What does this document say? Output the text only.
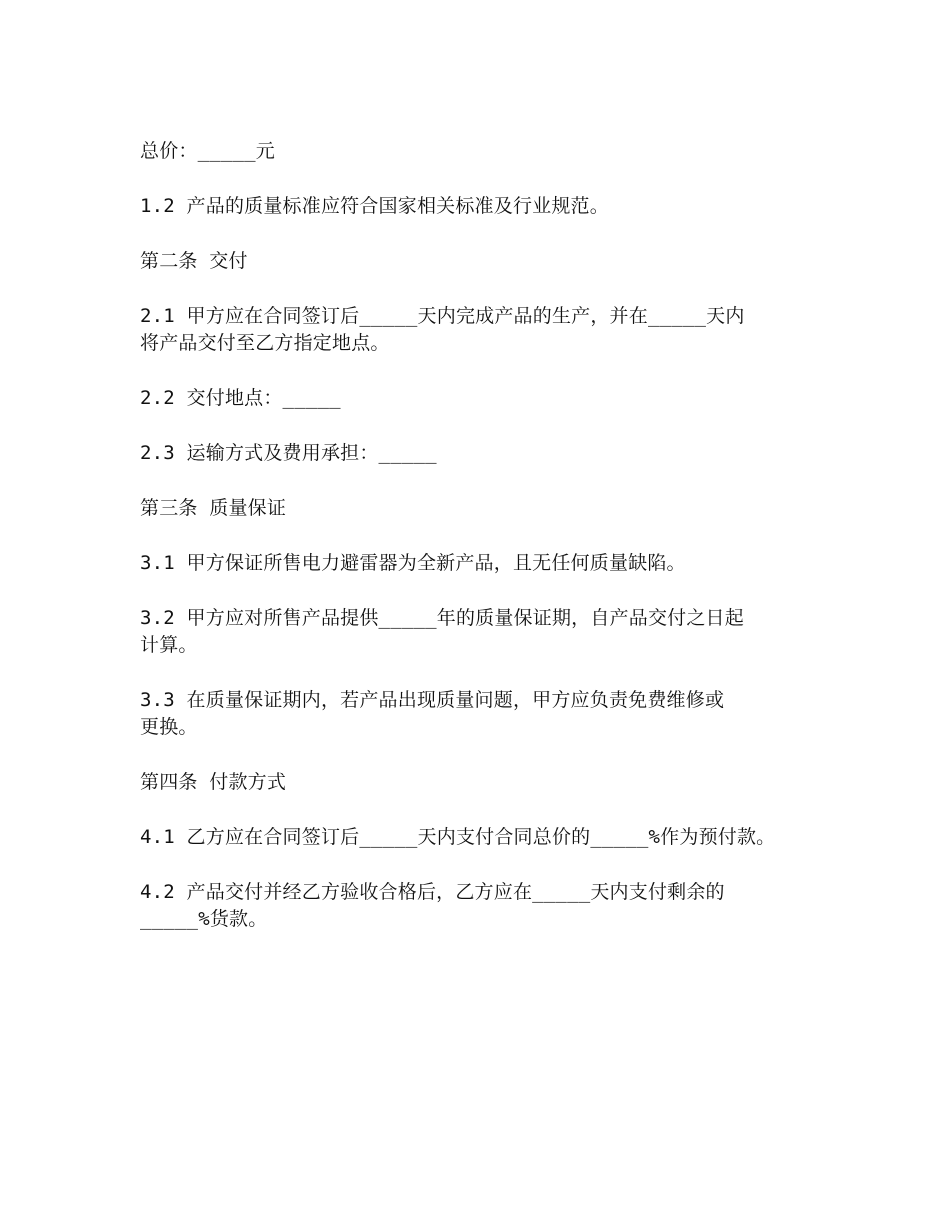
总价：_____元

1.2 产品的质量标准应符合国家相关标准及行业规范。

第二条 交付

2.1 甲方应在合同签订后_____天内完成产品的生产，并在_____天内
将产品交付至乙方指定地点。

2.2 交付地点：_____

2.3 运输方式及费用承担：_____

第三条 质量保证

3.1 甲方保证所售电力避雷器为全新产品，且无任何质量缺陷。

3.2 甲方应对所售产品提供_____年的质量保证期，自产品交付之日起
计算。

3.3 在质量保证期内，若产品出现质量问题，甲方应负责免费维修或
更换。

第四条 付款方式

4.1 乙方应在合同签订后_____天内支付合同总价的_____%作为预付款。

4.2 产品交付并经乙方验收合格后，乙方应在_____天内支付剩余的
_____%货款。
